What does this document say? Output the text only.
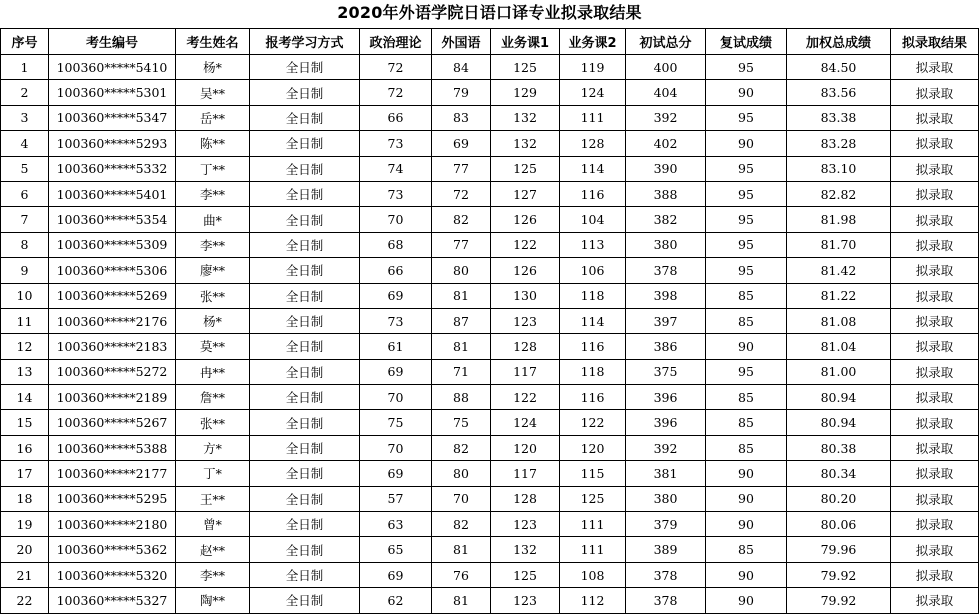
2020年外语学院日语口译专业拟录取结果
序号	考生编号	考生姓名	报考学习方式	政治理论	外国语	业务课1	业务课2	初试总分	复试成绩	加权总成绩	拟录取结果
1	100360*****5410	杨*	全日制	72	84	125	119	400	95	84.50	拟录取
2	100360*****5301	吴**	全日制	72	79	129	124	404	90	83.56	拟录取
3	100360*****5347	岳**	全日制	66	83	132	111	392	95	83.38	拟录取
4	100360*****5293	陈**	全日制	73	69	132	128	402	90	83.28	拟录取
5	100360*****5332	丁**	全日制	74	77	125	114	390	95	83.10	拟录取
6	100360*****5401	李**	全日制	73	72	127	116	388	95	82.82	拟录取
7	100360*****5354	曲*	全日制	70	82	126	104	382	95	81.98	拟录取
8	100360*****5309	李**	全日制	68	77	122	113	380	95	81.70	拟录取
9	100360*****5306	廖**	全日制	66	80	126	106	378	95	81.42	拟录取
10	100360*****5269	张**	全日制	69	81	130	118	398	85	81.22	拟录取
11	100360*****2176	杨*	全日制	73	87	123	114	397	85	81.08	拟录取
12	100360*****2183	莫**	全日制	61	81	128	116	386	90	81.04	拟录取
13	100360*****5272	冉**	全日制	69	71	117	118	375	95	81.00	拟录取
14	100360*****2189	詹**	全日制	70	88	122	116	396	85	80.94	拟录取
15	100360*****5267	张**	全日制	75	75	124	122	396	85	80.94	拟录取
16	100360*****5388	方*	全日制	70	82	120	120	392	85	80.38	拟录取
17	100360*****2177	丁*	全日制	69	80	117	115	381	90	80.34	拟录取
18	100360*****5295	王**	全日制	57	70	128	125	380	90	80.20	拟录取
19	100360*****2180	曾*	全日制	63	82	123	111	379	90	80.06	拟录取
20	100360*****5362	赵**	全日制	65	81	132	111	389	85	79.96	拟录取
21	100360*****5320	李**	全日制	69	76	125	108	378	90	79.92	拟录取
22	100360*****5327	陶**	全日制	62	81	123	112	378	90	79.92	拟录取
